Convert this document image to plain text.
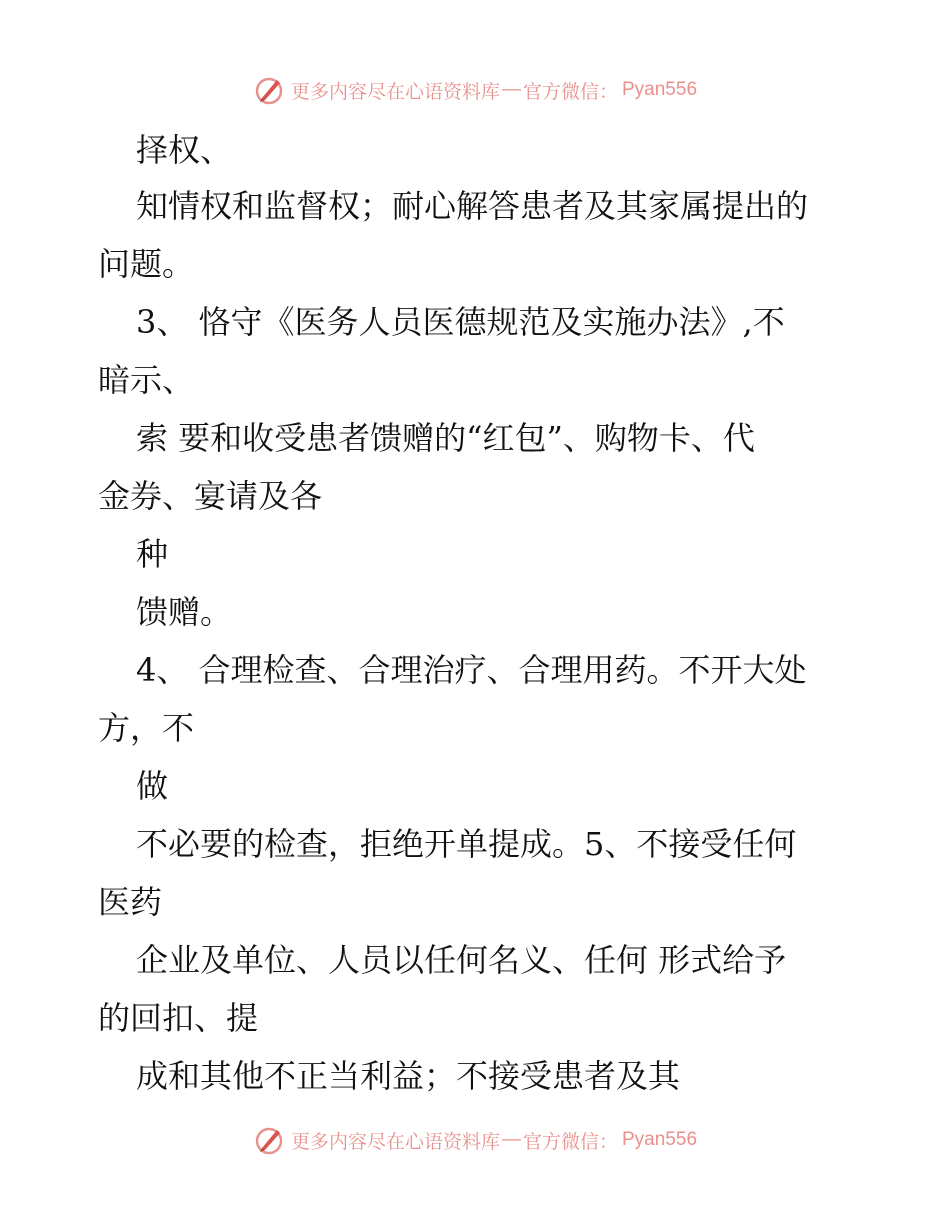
更多内容尽在心语资料库 — 官方微信： Pyan556
择权、
知情权和监督权；耐心解答患者及其家属提出的
问题。
3、 恪守《医务人员医德规范及实施办法》,不
暗示、
索 要和收受患者馈赠的“红包”、购物卡、代
金券、宴请及各
种
馈赠。
4、 合理检查、合理治疗、合理用药。不开大处
方，不
做
不必要的检查，拒绝开单提成。5、不接受任何
医药
企业及单位、人员以任何名义、任何 形式给予
的回扣、提
成和其他不正当利益；不接受患者及其
更多内容尽在心语资料库 — 官方微信： Pyan556
